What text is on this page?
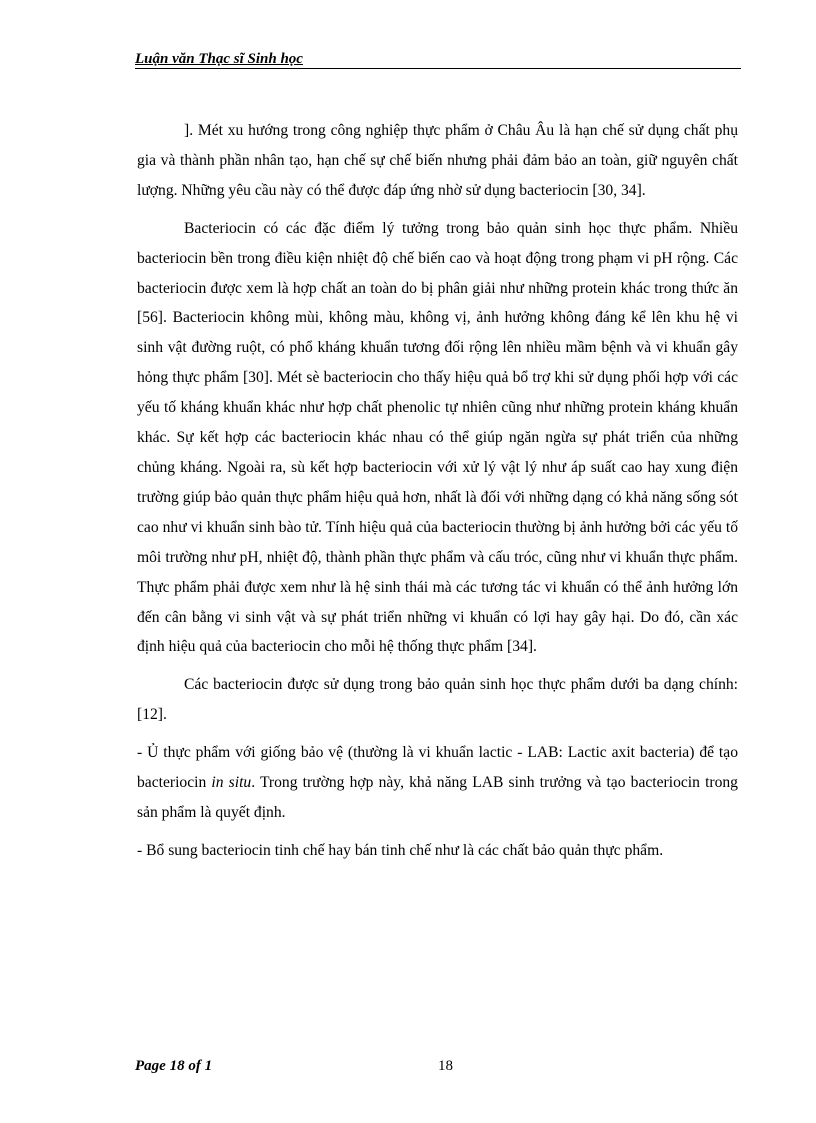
Luận văn Thạc sĩ Sinh học

]. Mét xu hướng trong công nghiệp thực phẩm ở Châu Âu là hạn chế sử dụng chất phụ gia và thành phần nhân tạo, hạn chế sự chế biến nhưng phải đảm bảo an toàn, giữ nguyên chất lượng. Những yêu cầu này có thể được đáp ứng nhờ sử dụng bacteriocin [30, 34].

Bacteriocin có các đặc điểm lý tưởng trong bảo quản sinh học thực phẩm. Nhiều bacteriocin bền trong điều kiện nhiệt độ chế biến cao và hoạt động trong phạm vi pH rộng. Các bacteriocin được xem là hợp chất an toàn do bị phân giải như những protein khác trong thức ăn [56]. Bacteriocin không mùi, không màu, không vị, ảnh hưởng không đáng kể lên khu hệ vi sinh vật đường ruột, có phổ kháng khuẩn tương đối rộng lên nhiều mầm bệnh và vi khuẩn gây hỏng thực phẩm [30]. Mét sè bacteriocin cho thấy hiệu quả bổ trợ khi sử dụng phối hợp với các yếu tố kháng khuẩn khác như hợp chất phenolic tự nhiên cũng như những protein kháng khuẩn khác. Sự kết hợp các bacteriocin khác nhau có thể giúp ngăn ngừa sự phát triển của những chủng kháng. Ngoài ra, sù kết hợp bacteriocin với xử lý vật lý như áp suất cao hay xung điện trường giúp bảo quản thực phẩm hiệu quả hơn, nhất là đối với những dạng có khả năng sống sót cao như vi khuẩn sinh bào tử. Tính hiệu quả của bacteriocin thường bị ảnh hưởng bởi các yếu tố môi trường như pH, nhiệt độ, thành phần thực phẩm và cấu tróc, cũng như vi khuẩn thực phẩm. Thực phẩm phải được xem như là hệ sinh thái mà các tương tác vi khuẩn có thể ảnh hưởng lớn đến cân bằng vi sinh vật và sự phát triển những vi khuẩn có lợi hay gây hại. Do đó, cần xác định hiệu quả của bacteriocin cho mỗi hệ thống thực phẩm [34].

Các bacteriocin được sử dụng trong bảo quản sinh học thực phẩm dưới ba dạng chính: [12].

- Ủ thực phẩm với giống bảo vệ (thường là vi khuẩn lactic - LAB: Lactic axit bacteria) để tạo bacteriocin in situ. Trong trường hợp này, khả năng LAB sinh trưởng và tạo bacteriocin trong sản phẩm là quyết định.

- Bổ sung bacteriocin tinh chế hay bán tinh chế như là các chất bảo quản thực phẩm.

Page 18 of 1	18
